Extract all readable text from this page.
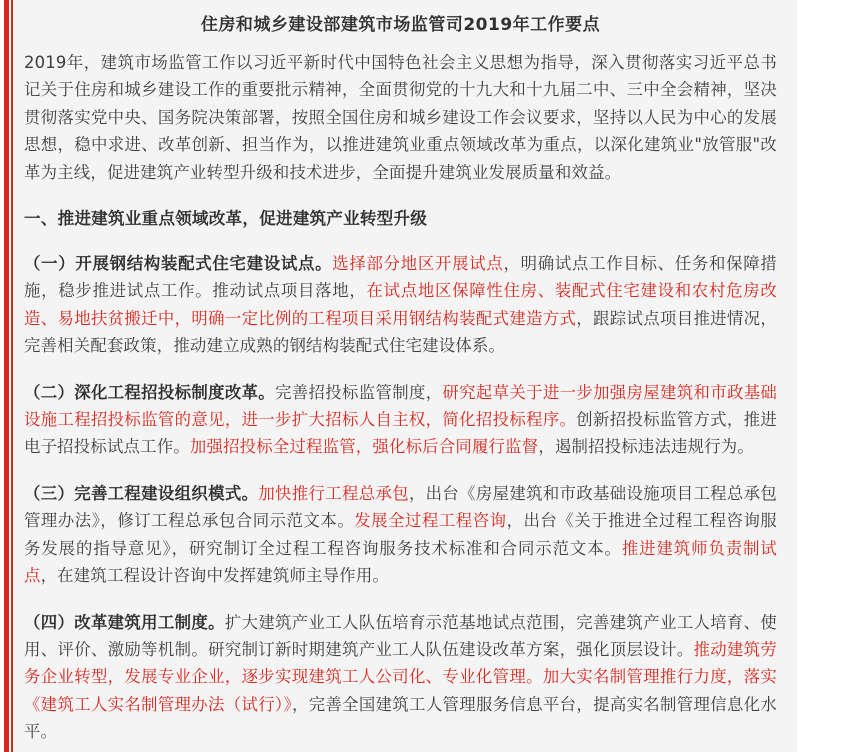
住房和城乡建设部建筑市场监管司2019年工作要点

2019年，建筑市场监管工作以习近平新时代中国特色社会主义思想为指导，深入贯彻落实习近平总书记关于住房和城乡建设工作的重要批示精神，全面贯彻党的十九大和十九届二中、三中全会精神，坚决贯彻落实党中央、国务院决策部署，按照全国住房和城乡建设工作会议要求，坚持以人民为中心的发展思想，稳中求进、改革创新、担当作为，以推进建筑业重点领域改革为重点，以深化建筑业"放管服"改革为主线，促进建筑产业转型升级和技术进步，全面提升建筑业发展质量和效益。

一、推进建筑业重点领域改革，促进建筑产业转型升级

（一）开展钢结构装配式住宅建设试点。选择部分地区开展试点，明确试点工作目标、任务和保障措施，稳步推进试点工作。推动试点项目落地，在试点地区保障性住房、装配式住宅建设和农村危房改造、易地扶贫搬迁中，明确一定比例的工程项目采用钢结构装配式建造方式，跟踪试点项目推进情况，完善相关配套政策，推动建立成熟的钢结构装配式住宅建设体系。

（二）深化工程招投标制度改革。完善招投标监管制度，研究起草关于进一步加强房屋建筑和市政基础设施工程招投标监管的意见，进一步扩大招标人自主权，简化招投标程序。创新招投标监管方式，推进电子招投标试点工作。加强招投标全过程监管，强化标后合同履行监督，遏制招投标违法违规行为。

（三）完善工程建设组织模式。加快推行工程总承包，出台《房屋建筑和市政基础设施项目工程总承包管理办法》，修订工程总承包合同示范文本。发展全过程工程咨询，出台《关于推进全过程工程咨询服务发展的指导意见》，研究制订全过程工程咨询服务技术标准和合同示范文本。推进建筑师负责制试点，在建筑工程设计咨询中发挥建筑师主导作用。

（四）改革建筑用工制度。扩大建筑产业工人队伍培育示范基地试点范围，完善建筑产业工人培育、使用、评价、激励等机制。研究制订新时期建筑产业工人队伍建设改革方案，强化顶层设计。推动建筑劳务企业转型，发展专业企业，逐步实现建筑工人公司化、专业化管理。加大实名制管理推行力度，落实《建筑工人实名制管理办法（试行）》，完善全国建筑工人管理服务信息平台，提高实名制管理信息化水平。
